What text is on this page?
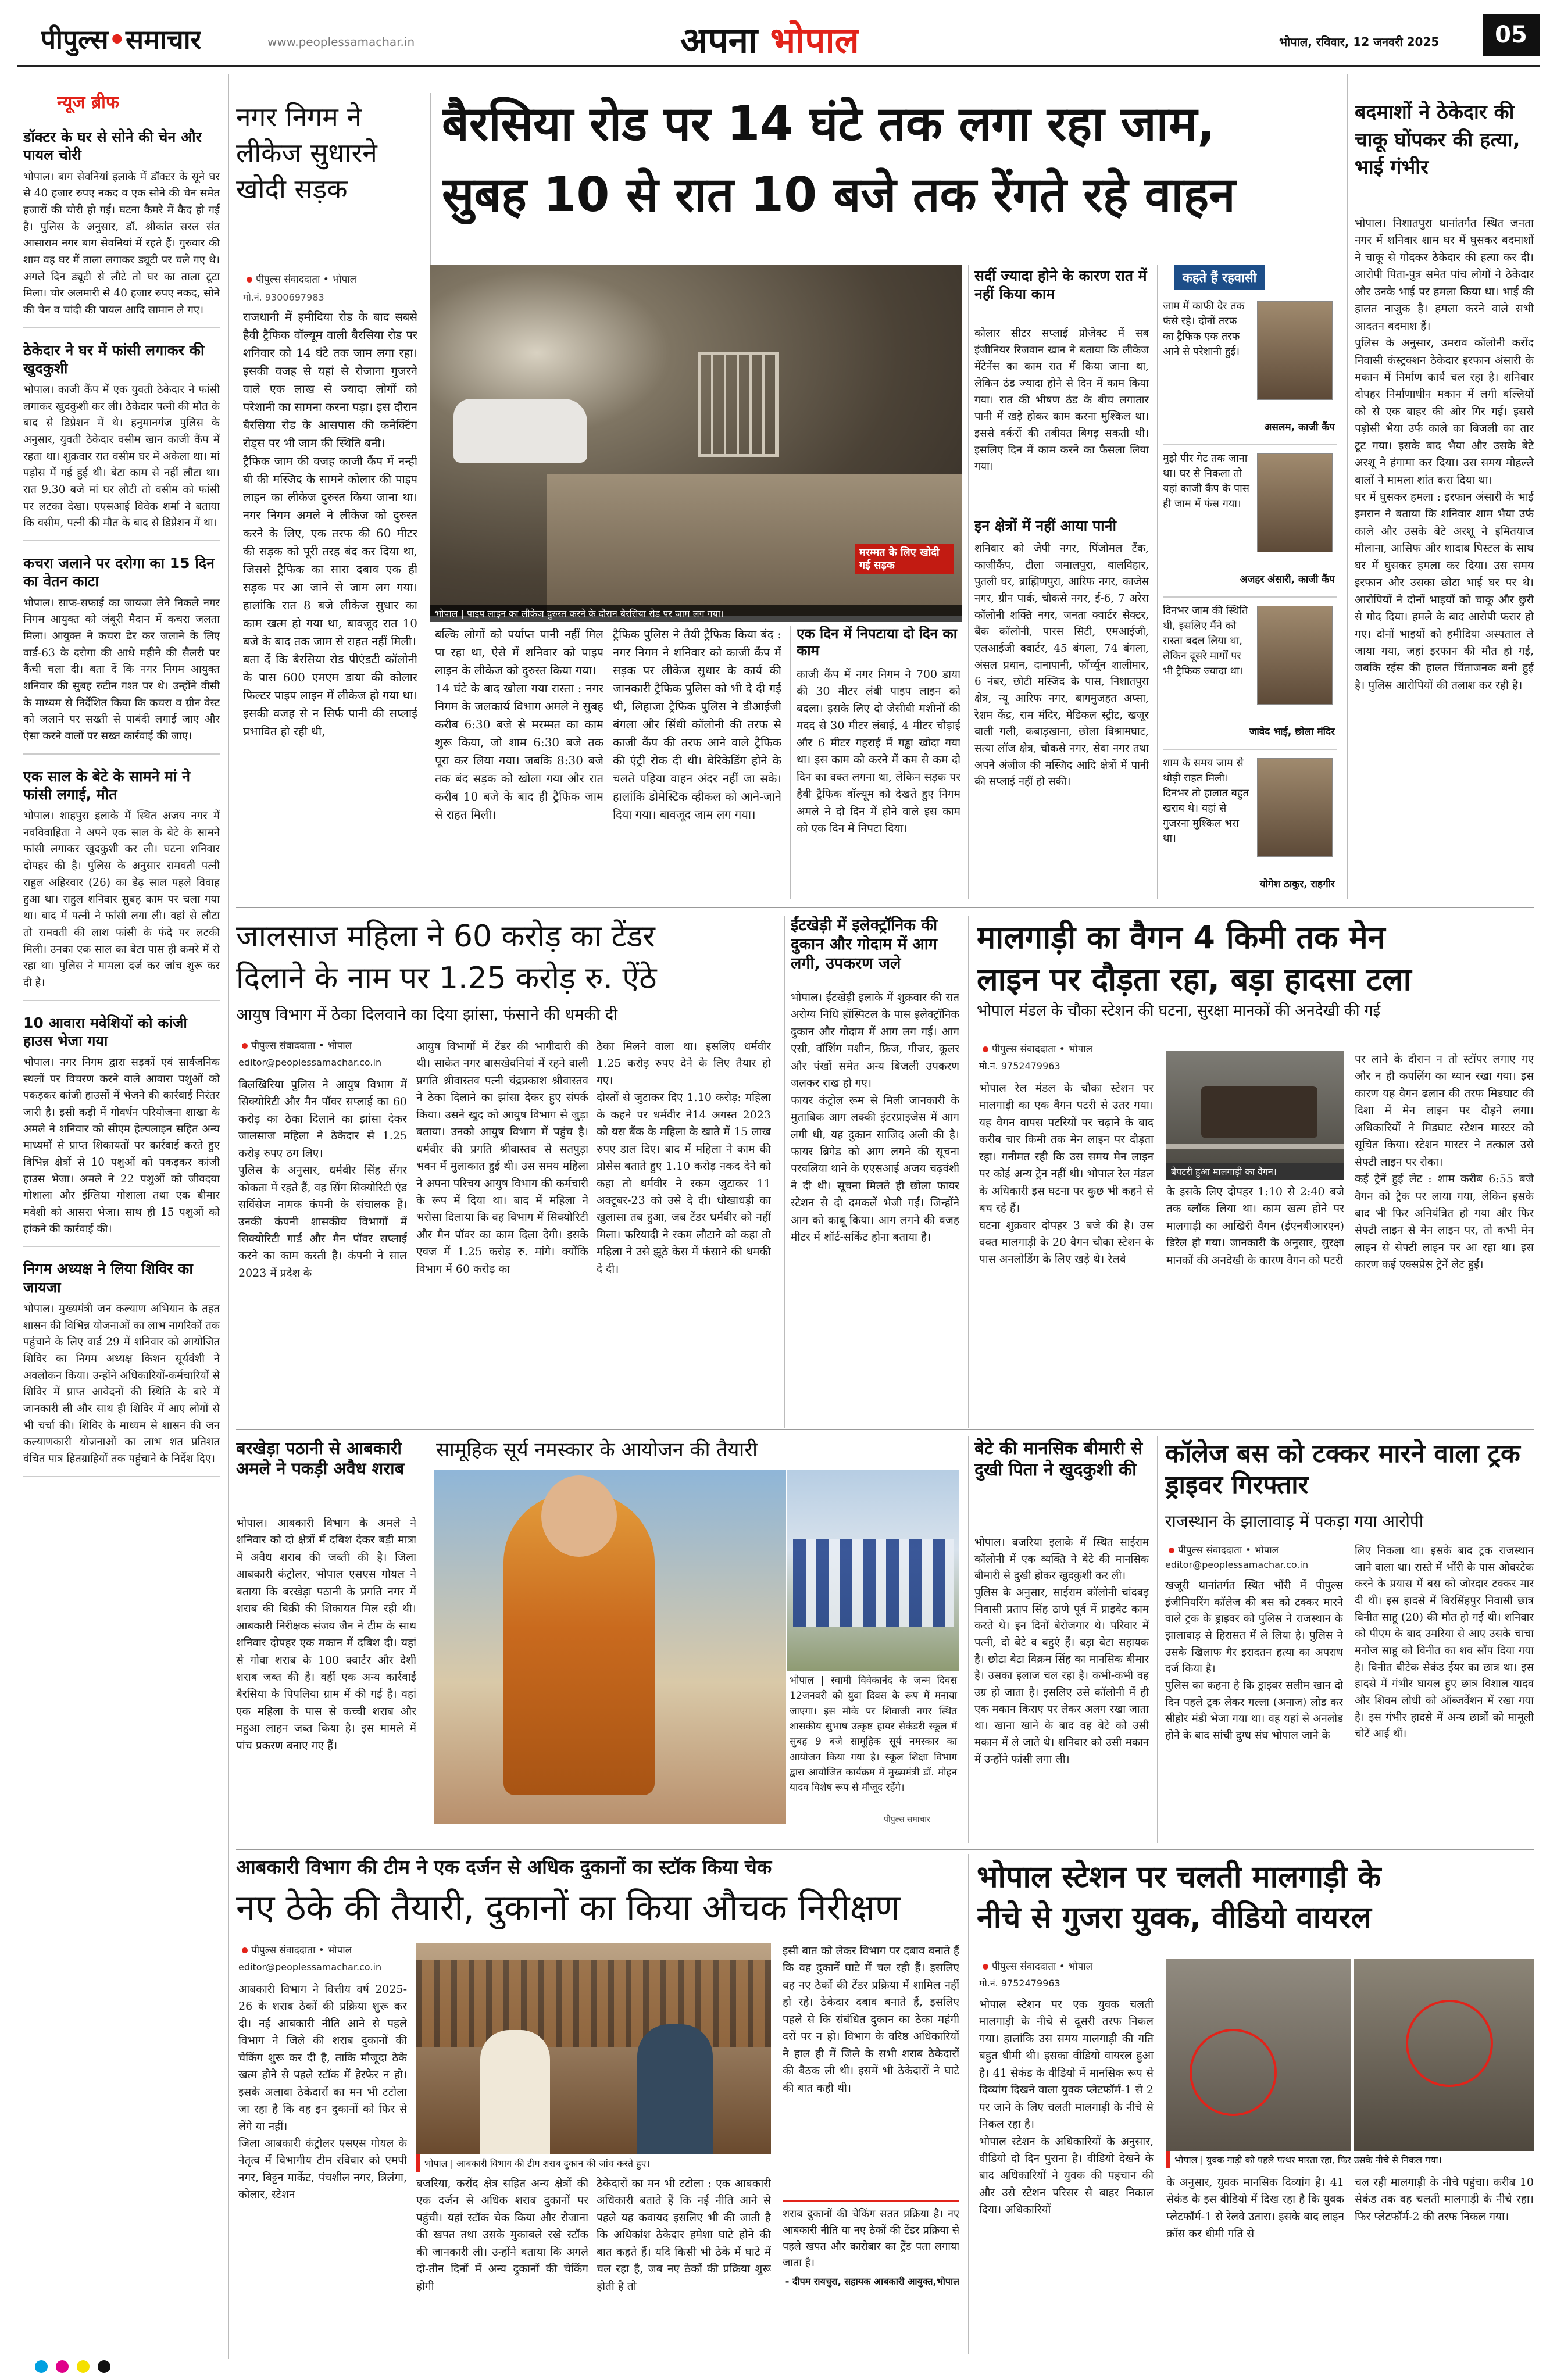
पीपुल्स•समाचार	www.peoplessamachar.in	अपना भोपाल	भोपाल, रविवार, 12 जनवरी 2025	05
न्यूज ब्रीफ
डॉक्टर के घर से सोने की चेन और पायल चोरी
भोपाल। बाग सेवनियां इलाके में डॉक्टर के सूने घर से 40 हजार रुपए नकद व एक सोने की चेन समेत हजारों की चोरी हो गई। घटना कैमरे में कैद हो गई है। पुलिस के अनुसार, डॉ. श्रीकांत सरल संत आसाराम नगर बाग सेवनियां में रहते हैं। गुरुवार की शाम वह घर में ताला लगाकर ड्यूटी पर चले गए थे। अगले दिन ड्यूटी से लौटे तो घर का ताला टूटा मिला। चोर अलमारी से 40 हजार रुपए नकद, सोने की चेन व चांदी की पायल आदि सामान ले गए।
ठेकेदार ने घर में फांसी लगाकर की खुदकुशी
भोपाल। काजी कैंप में एक युवती ठेकेदार ने फांसी लगाकर खुदकुशी कर ली। ठेकेदार पत्नी की मौत के बाद से डिप्रेशन में थे। हनुमानगंज पुलिस के अनुसार, युवती ठेकेदार वसीम खान काजी कैंप में रहता था। शुक्रवार रात वसीम घर में अकेला था। मां पड़ोस में गई हुई थी। बेटा काम से नहीं लौटा था। रात 9.30 बजे मां घर लौटी तो वसीम को फांसी पर लटका देखा। एएसआई विवेक शर्मा ने बताया कि वसीम, पत्नी की मौत के बाद से डिप्रेशन में था।
कचरा जलाने पर दरोगा का 15 दिन का वेतन काटा
भोपाल। साफ-सफाई का जायजा लेने निकले नगर निगम आयुक्त को जंबूरी मैदान में कचरा जलता मिला। आयुक्त ने कचरा ढेर कर जलाने के लिए वार्ड-63 के दरोगा की आधे महीने की सैलरी पर कैंची चला दी। बता दें कि नगर निगम आयुक्त शनिवार की सुबह रुटीन गश्त पर थे। उन्होंने वीसी के माध्यम से निर्देशित किया कि कचरा व ग्रीन वेस्ट को जलाने पर सख्ती से पाबंदी लगाई जाए और ऐसा करने वालों पर सख्त कार्रवाई की जाए।
एक साल के बेटे के सामने मां ने फांसी लगाई, मौत
भोपाल। शाहपुरा इलाके में स्थित अजय नगर में नवविवाहिता ने अपने एक साल के बेटे के सामने फांसी लगाकर खुदकुशी कर ली। घटना शनिवार दोपहर की है। पुलिस के अनुसार रामवती पत्नी राहुल अहिरवार (26) का डेढ़ साल पहले विवाह हुआ था। राहुल शनिवार सुबह काम पर चला गया था। बाद में पत्नी ने फांसी लगा ली। वहां से लौटा तो रामवती की लाश फांसी के फंदे पर लटकी मिली। उनका एक साल का बेटा पास ही कमरे में रो रहा था। पुलिस ने मामला दर्ज कर जांच शुरू कर दी है।
10 आवारा मवेशियों को कांजी हाउस भेजा गया
भोपाल। नगर निगम द्वारा सड़कों एवं सार्वजनिक स्थलों पर विचरण करने वाले आवारा पशुओं को पकड़कर कांजी हाउसों में भेजने की कार्रवाई निरंतर जारी है। इसी कड़ी में गोवर्धन परियोजना शाखा के अमले ने शनिवार को सीएम हेल्पलाइन सहित अन्य माध्यमों से प्राप्त शिकायतों पर कार्रवाई करते हुए विभिन्न क्षेत्रों से 10 पशुओं को पकड़कर कांजी हाउस भेजा। अमले ने 22 पशुओं को जीवदया गोशाला और इंग्लिया गोशाला तथा एक बीमार मवेशी को आसरा भेजा। साथ ही 15 पशुओं को हांकने की कार्रवाई की।
निगम अध्यक्ष ने लिया शिविर का जायजा
भोपाल। मुख्यमंत्री जन कल्याण अभियान के तहत शासन की विभिन्न योजनाओं का लाभ नागरिकों तक पहुंचाने के लिए वार्ड 29 में शनिवार को आयोजित शिविर का निगम अध्यक्ष किशन सूर्यवंशी ने अवलोकन किया। उन्होंने अधिकारियों-कर्मचारियों से शिविर में प्राप्त आवेदनों की स्थिति के बारे में जानकारी ली और साथ ही शिविर में आए लोगों से भी चर्चा की। शिविर के माध्यम से शासन की जन कल्याणकारी योजनाओं का लाभ शत प्रतिशत वंचित पात्र हितग्राहियों तक पहुंचाने के निर्देश दिए।
नगर निगम ने लीकेज सुधारने खोदी सड़क
बैरसिया रोड पर 14 घंटे तक लगा रहा जाम,
सुबह 10 से रात 10 बजे तक रेंगते रहे वाहन
पीपुल्स संवाददाता • भोपाल
मो.नं. 9300697983
राजधानी में हमीदिया रोड के बाद सबसे हैवी ट्रैफिक वॉल्यूम वाली बैरसिया रोड पर शनिवार को 14 घंटे तक जाम लगा रहा। इसकी वजह से यहां से रोजाना गुजरने वाले एक लाख से ज्यादा लोगों को परेशानी का सामना करना पड़ा। इस दौरान बैरसिया रोड के आसपास की कनेक्टिंग रोड्स पर भी जाम की स्थिति बनी।
ट्रैफिक जाम की वजह काजी कैंप में नन्ही बी की मस्जिद के सामने कोलार की पाइप लाइन का लीकेज दुरुस्त किया जाना था। नगर निगम अमले ने लीकेज को दुरुस्त करने के लिए, एक तरफ की 60 मीटर की सड़क को पूरी तरह बंद कर दिया था, जिससे ट्रैफिक का सारा दबाव एक ही सड़क पर आ जाने से जाम लग गया। हालांकि रात 8 बजे लीकेज सुधार का काम खत्म हो गया था, बावजूद रात 10 बजे के बाद तक जाम से राहत नहीं मिली।
बता दें कि बैरसिया रोड पीएंडटी कॉलोनी के पास 600 एमएम डाया की कोलार फिल्टर पाइप लाइन में लीकेज हो गया था। इसकी वजह से न सिर्फ पानी की सप्लाई प्रभावित हो रही थी,
मरम्मत के लिए खोदी गई सड़क
भोपाल | पाइप लाइन का लीकेज दुरुस्त करने के दौरान बैरसिया रोड पर जाम लग गया।
बल्कि लोगों को पर्याप्त पानी नहीं मिल पा रहा था, ऐसे में शनिवार को पाइप लाइन के लीकेज को दुरुस्त किया गया।
14 घंटे के बाद खोला गया रास्ता : नगर निगम के जलकार्य विभाग अमले ने सुबह करीब 6:30 बजे से मरम्मत का काम शुरू किया, जो शाम 6:30 बजे तक पूरा कर लिया गया। जबकि 8:30 बजे तक बंद सड़क को खोला गया और रात करीब 10 बजे के बाद ही ट्रैफिक जाम से राहत मिली।
ट्रैफिक पुलिस ने तैयी ट्रैफिक किया बंद : नगर निगम ने शनिवार को काजी कैंप में सड़क पर लीकेज सुधार के कार्य की जानकारी ट्रैफिक पुलिस को भी दे दी गई थी, लिहाजा ट्रैफिक पुलिस ने डीआईजी बंगला और सिंधी कॉलोनी की तरफ से काजी कैंप की तरफ आने वाले ट्रैफिक की एंट्री रोक दी थी। बेरिकेडिंग होने के चलते पहिया वाहन अंदर नहीं जा सके। हालांकि डोमेस्टिक व्हीकल को आने-जाने दिया गया। बावजूद जाम लग गया।
एक दिन में निपटाया दो दिन का काम
काजी कैंप में नगर निगम ने 700 डाया की 30 मीटर लंबी पाइप लाइन को बदला। इसके लिए दो जेसीबी मशीनों की मदद से 30 मीटर लंबाई, 4 मीटर चौड़ाई और 6 मीटर गहराई में गड्ढा खोदा गया था। इस काम को करने में कम से कम दो दिन का वक्त लगना था, लेकिन सड़क पर हैवी ट्रैफिक वॉल्यूम को देखते हुए निगम अमले ने दो दिन में होने वाले इस काम को एक दिन में निपटा दिया।
सर्दी ज्यादा होने के कारण रात में नहीं किया काम
कोलार सीटर सप्लाई प्रोजेक्ट में सब इंजीनियर रिजवान खान ने बताया कि लीकेज मेंटेनेंस का काम रात में किया जाना था, लेकिन ठंड ज्यादा होने से दिन में काम किया गया। रात की भीषण ठंड के बीच लगातार पानी में खड़े होकर काम करना मुश्किल था। इससे वर्करों की तबीयत बिगड़ सकती थी। इसलिए दिन में काम करने का फैसला लिया गया।
इन क्षेत्रों में नहीं आया पानी
शनिवार को जेपी नगर, पिंजोमल टैंक, काजीकैंप, टीला जमालपुरा, बालविहार, पुतली घर, ब्राह्मिणपुरा, आरिफ नगर, काजेस नगर, ग्रीन पार्क, चौकसे नगर, ई-6, 7 अरेरा कॉलोनी शक्ति नगर, जनता क्वार्टर सेक्टर, बैंक कॉलोनी, पारस सिटी, एमआईजी, एलआईजी क्वार्टर, 45 बंगला, 74 बंगला, अंसल प्रधान, दानापानी, फॉर्च्यून शालीमार, 6 नंबर, छोटी मस्जिद के पास, निशातपुरा क्षेत्र, न्यू आरिफ नगर, बागमुजहत अप्सा, रेशम केंद्र, राम मंदिर, मेडिकल स्ट्रीट, खजूर वाली गली, कबाड़खाना, छोला विश्रामघाट, सत्या लॉज क्षेत्र, चौकसे नगर, सेवा नगर तथा अपने अंजीज की मस्जिद आदि क्षेत्रों में पानी की सप्लाई नहीं हो सकी।
कहते हैं रहवासी
जाम में काफी देर तक फंसे रहे। दोनों तरफ का ट्रैफिक एक तरफ आने से परेशानी हुई।
असलम, काजी कैंप
मुझे पीर गेट तक जाना था। घर से निकला तो यहां काजी कैंप के पास ही जाम में फंस गया।
अजहर अंसारी, काजी कैंप
दिनभर जाम की स्थिति थी, इसलिए मैंने को रास्ता बदल लिया था, लेकिन दूसरे मार्गों पर भी ट्रैफिक ज्यादा था।
जावेद भाई, छोला मंदिर
शाम के समय जाम से थोड़ी राहत मिली। दिनभर तो हालात बहुत खराब थे। यहां से गुजरना मुश्किल भरा था।
योगेश ठाकुर, राहगीर
बदमाशों ने ठेकेदार की चाकू घोंपकर की हत्या, भाई गंभीर
भोपाल। निशातपुरा थानांतर्गत स्थित जनता नगर में शनिवार शाम घर में घुसकर बदमाशों ने चाकू से गोदकर ठेकेदार की हत्या कर दी। आरोपी पिता-पुत्र समेत पांच लोगों ने ठेकेदार और उनके भाई पर हमला किया था। भाई की हालत नाजुक है। हमला करने वाले सभी आदतन बदमाश हैं।
पुलिस के अनुसार, उमराव कॉलोनी करोंद निवासी कंस्ट्रक्शन ठेकेदार इरफान अंसारी के मकान में निर्माण कार्य चल रहा है। शनिवार दोपहर निर्माणाधीन मकान में लगी बल्लियों को से एक बाहर की ओर गिर गई। इससे पड़ोसी भैया उर्फ काले का बिजली का तार टूट गया। इसके बाद भैया और उसके बेटे अरशू ने हंगामा कर दिया। उस समय मोहल्ले वालों ने मामला शांत करा दिया था।
घर में घुसकर हमला : इरफान अंसारी के भाई इमरान ने बताया कि शनिवार शाम भैया उर्फ काले और उसके बेटे अरशू ने इमितयाज मौलाना, आसिफ और शादाब पिस्टल के साथ घर में घुसकर हमला कर दिया। उस समय इरफान और उसका छोटा भाई घर पर थे। आरोपियों ने दोनों भाइयों को चाकू और छुरी से गोद दिया। हमले के बाद आरोपी फरार हो गए। दोनों भाइयों को हमीदिया अस्पताल ले जाया गया, जहां इरफान की मौत हो गई, जबकि रईस की हालत चिंताजनक बनी हुई है। पुलिस आरोपियों की तलाश कर रही है।
जालसाज महिला ने 60 करोड़ का टेंडर
दिलाने के नाम पर 1.25 करोड़ रु. ऐंठे
आयुष विभाग में ठेका दिलवाने का दिया झांसा, फंसाने की धमकी दी
पीपुल्स संवाददाता • भोपाल
editor@peoplessamachar.co.in
बिलखिरिया पुलिस ने आयुष विभाग में सिक्योरिटी और मैन पॉवर सप्लाई का 60 करोड़ का ठेका दिलाने का झांसा देकर जालसाज महिला ने ठेकेदार से 1.25 करोड़ रुपए ठग लिए।
पुलिस के अनुसार, धर्मवीर सिंह सेंगर कोकता में रहते हैं, वह सिंग सिक्योरिटी एंड सर्विसेज नामक कंपनी के संचालक हैं। उनकी कंपनी शासकीय विभागों में सिक्योरिटी गार्ड और मैन पॉवर सप्लाई करने का काम करती है। कंपनी ने साल 2023 में प्रदेश के
आयुष विभागों में टेंडर की भागीदारी की थी। साकेत नगर बासखेवनियां में रहने वाली प्रगति श्रीवास्तव पत्नी चंद्रप्रकाश श्रीवास्तव ने ठेका दिलाने का झांसा देकर हुए संपर्क किया। उसने खुद को आयुष विभाग से जुड़ा बताया। उनको आयुष विभाग में पहुंच है। धर्मवीर की प्रगति श्रीवास्तव से सतपुड़ा भवन में मुलाकात हुई थी। उस समय महिला ने अपना परिचय आयुष विभाग की कर्मचारी के रूप में दिया था। बाद में महिला ने भरोसा दिलाया कि वह विभाग में सिक्योरिटी और मैन पॉवर का काम दिला देगी। इसके एवज में 1.25 करोड़ रु. मांगे। क्योंकि विभाग में 60 करोड़ का
ठेका मिलने वाला था। इसलिए धर्मवीर 1.25 करोड़ रुपए देने के लिए तैयार हो गए।
दोस्तों से जुटाकर दिए 1.10 करोड़: महिला के कहने पर धर्मवीर ने14 अगस्त 2023 को यस बैंक के महिला के खाते में 15 लाख रुपए डाल दिए। बाद में महिला ने काम की प्रोसेस बताते हुए 1.10 करोड़ नकद देने को कहा तो धर्मवीर ने रकम जुटाकर 11 अक्टूबर-23 को उसे दे दी। धोखाधड़ी का खुलासा तब हुआ, जब टेंडर धर्मवीर को नहीं मिला। फरियादी ने रकम लौटाने को कहा तो महिला ने उसे झूठे केस में फंसाने की धमकी दे दी।
ईंटखेड़ी में इलेक्ट्रॉनिक की दुकान और गोदाम में आग लगी, उपकरण जले
भोपाल। ईंटखेड़ी इलाके में शुक्रवार की रात अरोग्य निधि हॉस्पिटल के पास इलेक्ट्रॉनिक दुकान और गोदाम में आग लग गई। आग एसी, वॉशिंग मशीन, फ्रिज, गीजर, कूलर और पंखों समेत अन्य बिजली उपकरण जलकर राख हो गए।
फायर कंट्रोल रूम से मिली जानकारी के मुताबिक आग लक्की इंटरप्राइजेस में आग लगी थी, यह दुकान साजिद अली की है। फायर ब्रिगेड को आग लगने की सूचना परवलिया थाने के एएसआई अजय चढ़वंशी ने दी थी। सूचना मिलते ही छोला फायर स्टेशन से दो दमकलें भेजी गईं। जिन्होंने आग को काबू किया। आग लगने की वजह मीटर में शॉर्ट-सर्किट होना बताया है।
मालगाड़ी का वैगन 4 किमी तक मेन
लाइन पर दौड़ता रहा, बड़ा हादसा टला
भोपाल मंडल के चौका स्टेशन की घटना, सुरक्षा मानकों की अनदेखी की गई
पीपुल्स संवाददाता • भोपाल
मो.नं. 9752479963
भोपाल रेल मंडल के चौका स्टेशन पर मालगाड़ी का एक वैगन पटरी से उतर गया। यह वैगन वापस पटरियों पर चढ़ाने के बाद करीब चार किमी तक मेन लाइन पर दौड़ता रहा। गनीमत रही कि उस समय मेन लाइन पर कोई अन्य ट्रेन नहीं थी। भोपाल रेल मंडल के अधिकारी इस घटना पर कुछ भी कहने से बच रहे हैं।
घटना शुक्रवार दोपहर 3 बजे की है। उस वक्त मालगाड़ी के 20 वैगन चौका स्टेशन के पास अनलोडिंग के लिए खड़े थे। रेलवे
बेपटरी हुआ मालगाड़ी का वैगन।
के इसके लिए दोपहर 1:10 से 2:40 बजे तक ब्लॉक लिया था। काम खत्म होने पर मालगाड़ी का आखिरी वैगन (ईएनबीआरएन) डिरेल हो गया। जानकारी के अनुसार, सुरक्षा मानकों की अनदेखी के कारण वैगन को पटरी
पर लाने के दौरान न तो स्टॉपर लगाए गए और न ही कपलिंग का ध्यान रखा गया। इस कारण यह वैगन ढलान की तरफ मिडघाट की दिशा में मेन लाइन पर दौड़ने लगा। अधिकारियों ने मिडघाट स्टेशन मास्टर को सूचित किया। स्टेशन मास्टर ने तत्काल उसे सेफ्टी लाइन पर रोका।
कई ट्रेनें हुईं लेट : शाम करीब 6:55 बजे वैगन को ट्रैक पर लाया गया, लेकिन इसके बाद भी फिर अनियंत्रित हो गया और फिर सेफ्टी लाइन से मेन लाइन पर, तो कभी मेन लाइन से सेफ्टी लाइन पर आ रहा था। इस कारण कई एक्सप्रेस ट्रेनें लेट हुईं।
बरखेड़ा पठानी से आबकारी अमले ने पकड़ी अवैध शराब
भोपाल। आबकारी विभाग के अमले ने शनिवार को दो क्षेत्रों में दबिश देकर बड़ी मात्रा में अवैध शराब की जब्ती की है। जिला आबकारी कंट्रोलर, भोपाल एसएस गोयल ने बताया कि बरखेड़ा पठानी के प्रगति नगर में शराब की बिक्री की शिकायत मिल रही थी। आबकारी निरीक्षक संजय जैन ने टीम के साथ शनिवार दोपहर एक मकान में दबिश दी। यहां से गोवा शराब के 100 क्वार्टर और देशी शराब जब्त की है। वहीं एक अन्य कार्रवाई बैरसिया के पिपलिया ग्राम में की गई है। वहां एक महिला के पास से कच्ची शराब और महुआ लाहन जब्त किया है। इस मामले में पांच प्रकरण बनाए गए हैं।
सामूहिक सूर्य नमस्कार के आयोजन की तैयारी
भोपाल | स्वामी विवेकानंद के जन्म दिवस 12जनवरी को युवा दिवस के रूप में मनाया जाएगा। इस मौके पर शिवाजी नगर स्थित शासकीय सुभाष उत्कृष्ट हायर सेकंडरी स्कूल में सुबह 9 बजे सामूहिक सूर्य नमस्कार का आयोजन किया गया है। स्कूल शिक्षा विभाग द्वारा आयोजित कार्यक्रम में मुख्यमंत्री डॉ. मोहन यादव विशेष रूप से मौजूद रहेंगे।
पीपुल्स समाचार
बेटे की मानसिक बीमारी से दुखी पिता ने खुदकुशी की
भोपाल। बजरिया इलाके में स्थित साईराम कॉलोनी में एक व्यक्ति ने बेटे की मानसिक बीमारी से दुखी होकर खुदकुशी कर ली।
पुलिस के अनुसार, साईराम कॉलोनी चांदबड़ निवासी प्रताप सिंह ठाणे पूर्व में प्राइवेट काम करते थे। इन दिनों बेरोजगार थे। परिवार में पत्नी, दो बेटे व बहुएं हैं। बड़ा बेटा सहायक है। छोटा बेटा विक्रम सिंह का मानसिक बीमार है। उसका इलाज चल रहा है। कभी-कभी वह उग्र हो जाता है। इसलिए उसे कॉलोनी में ही एक मकान किराए पर लेकर अलग रखा जाता था। खाना खाने के बाद वह बेटे को उसी मकान में ले जाते थे। शनिवार को उसी मकान में उन्होंने फांसी लगा ली।
कॉलेज बस को टक्कर मारने वाला ट्रक ड्राइवर गिरफ्तार
राजस्थान के झालावाड़ में पकड़ा गया आरोपी
पीपुल्स संवाददाता • भोपाल
editor@peoplessamachar.co.in
खजूरी थानांतर्गत स्थित भौंरी में पीपुल्स इंजीनियरिंग कॉलेज की बस को टक्कर मारने वाले ट्रक के ड्राइवर को पुलिस ने राजस्थान के झालावाड़ से हिरासत में ले लिया है। पुलिस ने उसके खिलाफ गैर इरादतन हत्या का अपराध दर्ज किया है।
पुलिस का कहना है कि ड्राइवर सलीम खान दो दिन पहले ट्रक लेकर गल्ला (अनाज) लोड कर सीहोर मंडी भेजा गया था। वह यहां से अनलोड होने के बाद सांची दुग्ध संघ भोपाल जाने के
लिए निकला था। इसके बाद ट्रक राजस्थान जाने वाला था। रास्ते में भौंरी के पास ओवरटेक करने के प्रयास में बस को जोरदार टक्कर मार दी थी। इस हादसे में बिरसिंहपुर निवासी छात्र विनीत साहू (20) की मौत हो गई थी। शनिवार को पीएम के बाद उमरिया से आए उसके चाचा मनोज साहू को विनीत का शव सौंप दिया गया है। विनीत बीटेक सेकंड ईयर का छात्र था। इस हादसे में गंभीर घायल हुए छात्र विशाल यादव और शिवम लोधी को ऑब्जर्वेशन में रखा गया है। इस गंभीर हादसे में अन्य छात्रों को मामूली चोटें आईं थीं।
आबकारी विभाग की टीम ने एक दर्जन से अधिक दुकानों का स्टॉक किया चेक
नए ठेके की तैयारी, दुकानों का किया औचक निरीक्षण
पीपुल्स संवाददाता • भोपाल
editor@peoplessamachar.co.in
आबकारी विभाग ने वित्तीय वर्ष 2025-26 के शराब ठेकों की प्रक्रिया शुरू कर दी। नई आबकारी नीति आने से पहले विभाग ने जिले की शराब दुकानों की चेकिंग शुरू कर दी है, ताकि मौजूदा ठेके खत्म होने से पहले स्टॉक में हेरफेर न हो। इसके अलावा ठेकेदारों का मन भी टटोला जा रहा है कि वह इन दुकानों को फिर से लेंगे या नहीं।
जिला आबकारी कंट्रोलर एसएस गोयल के नेतृत्व में विभागीय टीम रविवार को एमपी नगर, बिट्टन मार्केट, पंचशील नगर, त्रिलंगा, कोलार, स्टेशन
भोपाल | आबकारी विभाग की टीम शराब दुकान की जांच करते हुए।
बजरिया, करोंद क्षेत्र सहित अन्य क्षेत्रों की एक दर्जन से अधिक शराब दुकानों पर पहुंची। यहां स्टॉक चेक किया और रोजाना की खपत तथा उसके मुकाबले रखे स्टॉक की जानकारी ली। उन्होंने बताया कि अगले दो-तीन दिनों में अन्य दुकानों की चेकिंग होगी
ठेकेदारों का मन भी टटोला : एक आबकारी अधिकारी बताते हैं कि नई नीति आने से पहले यह कवायद इसलिए भी की जाती है कि अधिकांश ठेकेदार हमेशा घाटे होने की बात कहते हैं। यदि किसी भी ठेके में घाटे में चल रहा है, जब नए ठेकों की प्रक्रिया शुरू होती है तो
इसी बात को लेकर विभाग पर दबाव बनाते हैं कि वह दुकानें घाटे में चल रही हैं। इसलिए वह नए ठेकों की टेंडर प्रक्रिया में शामिल नहीं हो रहे। ठेकेदार दबाव बनाते हैं, इसलिए पहले से कि संबंधित दुकान का ठेका महंगी दरों पर न हो। विभाग के वरिष्ठ अधिकारियों ने हाल ही में जिले के सभी शराब ठेकेदारों की बैठक ली थी। इसमें भी ठेकेदारों ने घाटे की बात कही थी।
शराब दुकानों की चेकिंग सतत प्रक्रिया है। नए आबकारी नीति या नए ठेकों की टेंडर प्रक्रिया से पहले खपत और कारोबार का ट्रेंड पता लगाया जाता है।
- दीपम रायचुरा, सहायक आबकारी आयुक्त,भोपाल
भोपाल स्टेशन पर चलती मालगाड़ी के
नीचे से गुजरा युवक, वीडियो वायरल
पीपुल्स संवाददाता • भोपाल
मो.नं. 9752479963
भोपाल स्टेशन पर एक युवक चलती मालगाड़ी के नीचे से दूसरी तरफ निकल गया। हालांकि उस समय मालगाड़ी की गति बहुत धीमी थी। इसका वीडियो वायरल हुआ है। 41 सेकंड के वीडियो में मानसिक रूप से दिव्यांग दिखने वाला युवक प्लेटफॉर्म-1 से 2 पर जाने के लिए चलती मालगाड़ी के नीचे से निकल रहा है।
भोपाल स्टेशन के अधिकारियों के अनुसार, वीडियो दो दिन पुराना है। वीडियो देखने के बाद अधिकारियों ने युवक की पहचान की और उसे स्टेशन परिसर से बाहर निकाल दिया। अधिकारियों
भोपाल | युवक गाड़ी को पहले पत्थर मारता रहा, फिर उसके नीचे से निकल गया।
के अनुसार, युवक मानसिक दिव्यांग है। 41 सेकंड के इस वीडियो में दिख रहा है कि युवक प्लेटफॉर्म-1 से रेलवे उतारा। इसके बाद लाइन क्रॉस कर धीमी गति से
चल रही मालगाड़ी के नीचे पहुंचा। करीब 10 सेकंड तक वह चलती मालगाड़ी के नीचे रहा। फिर प्लेटफॉर्म-2 की तरफ निकल गया।
